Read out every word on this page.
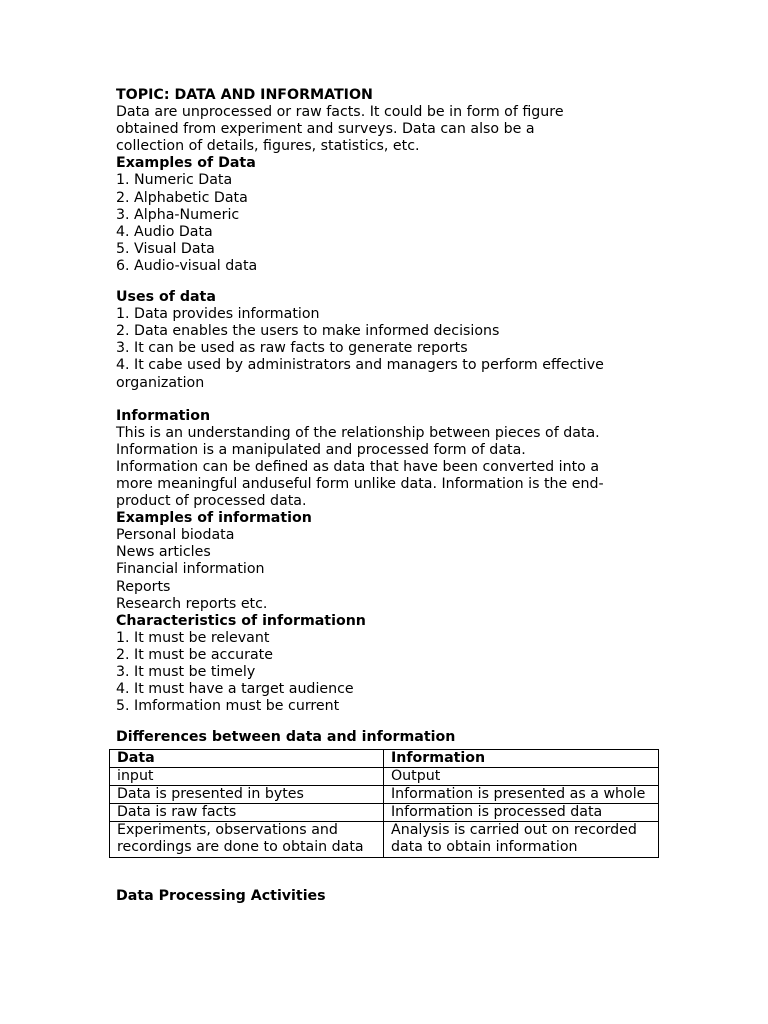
TOPIC: DATA AND INFORMATION
Data are unprocessed or raw facts. It could be in form of figure
obtained from experiment and surveys. Data can also be a
collection of details, figures, statistics, etc.
Examples of Data
1. Numeric Data
2. Alphabetic Data
3. Alpha-Numeric
4. Audio Data
5. Visual Data
6. Audio-visual data
Uses of data
1. Data provides information
2. Data enables the users to make informed decisions
3. It can be used as raw facts to generate reports
4. It cabe used by administrators and managers to perform effective
organization
Information
This is an understanding of the relationship between pieces of data.
Information is a manipulated and processed form of data.
Information can be defined as data that have been converted into a
more meaningful anduseful form unlike data. Information is the end-
product of processed data.
Examples of information
Personal biodata
News articles
Financial information
Reports
Research reports etc.
Characteristics of informationn
1. It must be relevant
2. It must be accurate
3. It must be timely
4. It must have a target audience
5. Imformation must be current
Differences between data and information
Data	Information
input	Output
Data is presented in bytes	Information is presented as a whole
Data is raw facts	Information is processed data
Experiments, observations and recordings are done to obtain data	Analysis is carried out on recorded data to obtain information
Data Processing Activities
